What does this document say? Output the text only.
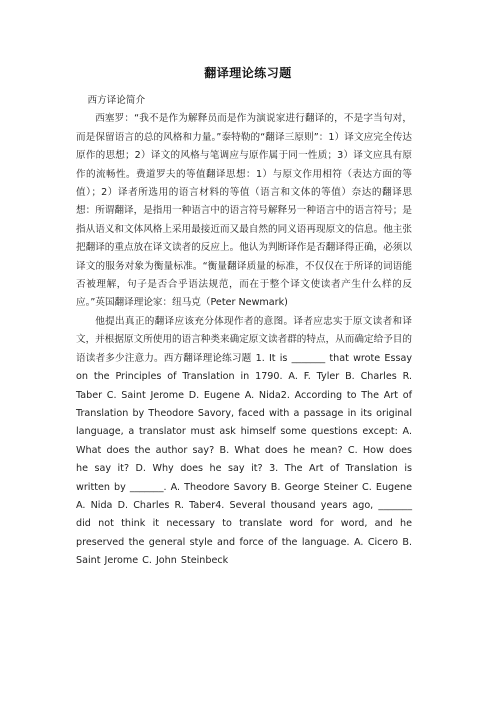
翻译理论练习题

西方译论简介

西塞罗：“我不是作为解释员而是作为演说家进行翻译的，不是字当句对，而是保留语言的总的风格和力量。”泰特勒的“翻译三原则”：1）译文应完全传达原作的思想；2）译文的风格与笔调应与原作属于同一性质；3）译文应具有原作的流畅性。费道罗夫的等值翻译思想：1）与原文作用相符（表达方面的等值）；2）译者所选用的语言材料的等值（语言和文体的等值）奈达的翻译思想：所谓翻译，是指用一种语言中的语言符号解释另一种语言中的语言符号；是指从语义和文体风格上采用最接近而又最自然的同义语再现原文的信息。他主张把翻译的重点放在译文读者的反应上。他认为判断译作是否翻译得正确，必须以译文的服务对象为衡量标准。“衡量翻译质量的标准，不仅仅在于所译的词语能否被理解，句子是否合乎语法规范，而在于整个译文使读者产生什么样的反应。”英国翻译理论家：纽马克（Peter Newmark)

他提出真正的翻译应该充分体现作者的意图。译者应忠实于原文读者和译文，并根据原文所使用的语言种类来确定原文读者群的特点，从而确定给予目的语读者多少注意力。西方翻译理论练习题 1. It is _______ that wrote Essay on the Principles of Translation in 1790. A. F. Tyler B. Charles R. Taber C. Saint Jerome D. Eugene A. Nida2. According to The Art of Translation by Theodore Savory, faced with a passage in its original language, a translator must ask himself some questions except: A. What does the author say? B. What does he mean? C. How does he say it? D. Why does he say it? 3. The Art of Translation is written by _______. A. Theodore Savory B. George Steiner C. Eugene A. Nida D. Charles R. Taber4. Several thousand years ago, _______ did not think it necessary to translate word for word, and he preserved the general style and force of the language. A. Cicero B. Saint Jerome C. John Steinbeck
